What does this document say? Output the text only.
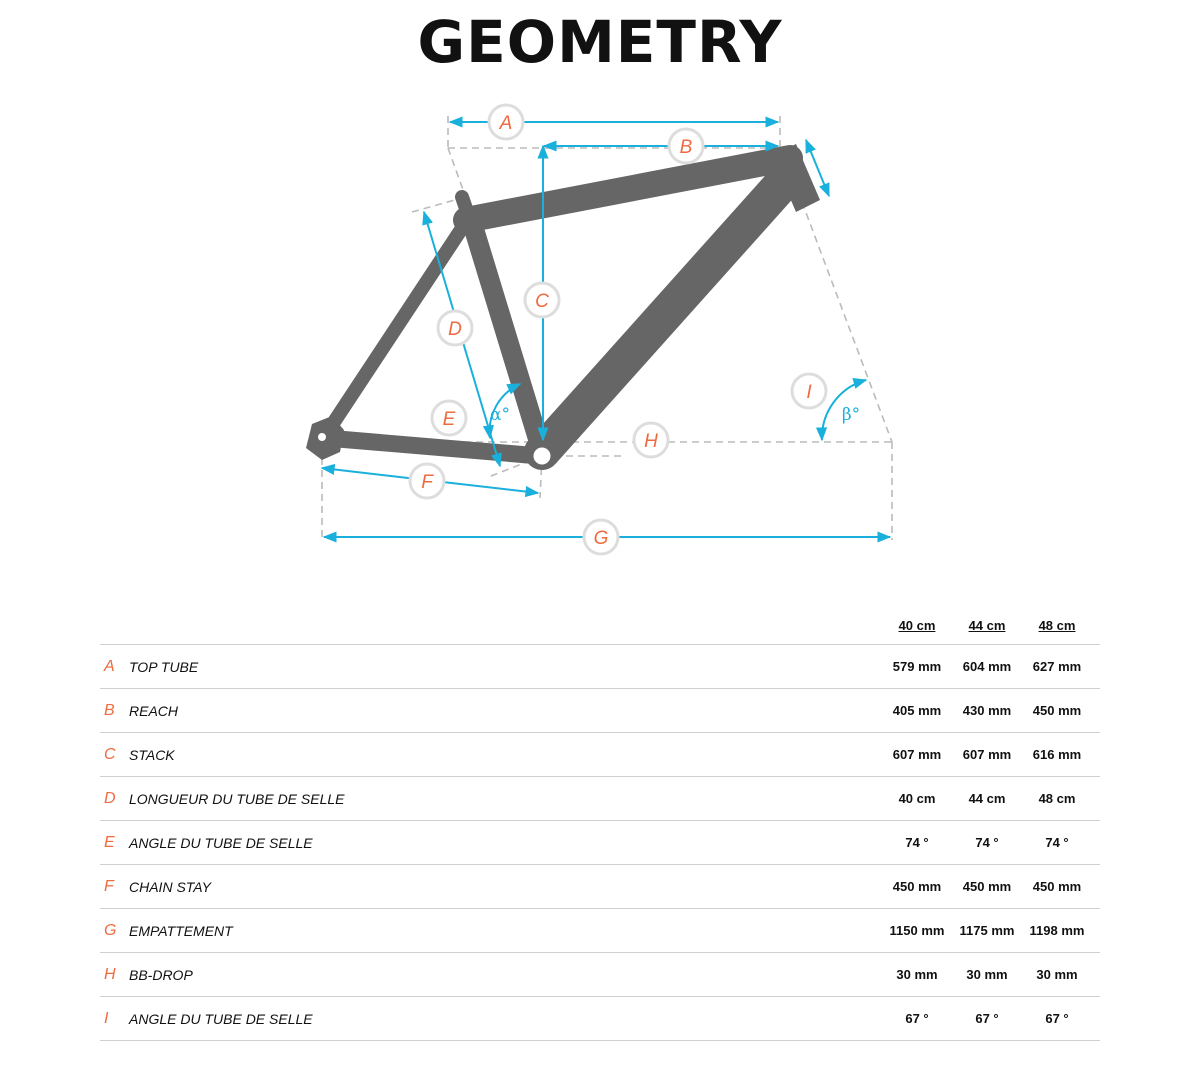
GEOMETRY
A
B
C
D
E
F
G
H
I
α°	β°
		40 cm	44 cm	48 cm	
A	TOP TUBE	579 mm	604 mm	627 mm	
B	REACH	405 mm	430 mm	450 mm	
C	STACK	607 mm	607 mm	616 mm	
D	LONGUEUR DU TUBE DE SELLE	40 cm	44 cm	48 cm	
E	ANGLE DU TUBE DE SELLE	74 °	74 °	74 °	
F	CHAIN STAY	450 mm	450 mm	450 mm	
G	EMPATTEMENT	1150 mm	1175 mm	1198 mm	
H	BB-DROP	30 mm	30 mm	30 mm	
I	ANGLE DU TUBE DE SELLE	67 °	67 °	67 °	
